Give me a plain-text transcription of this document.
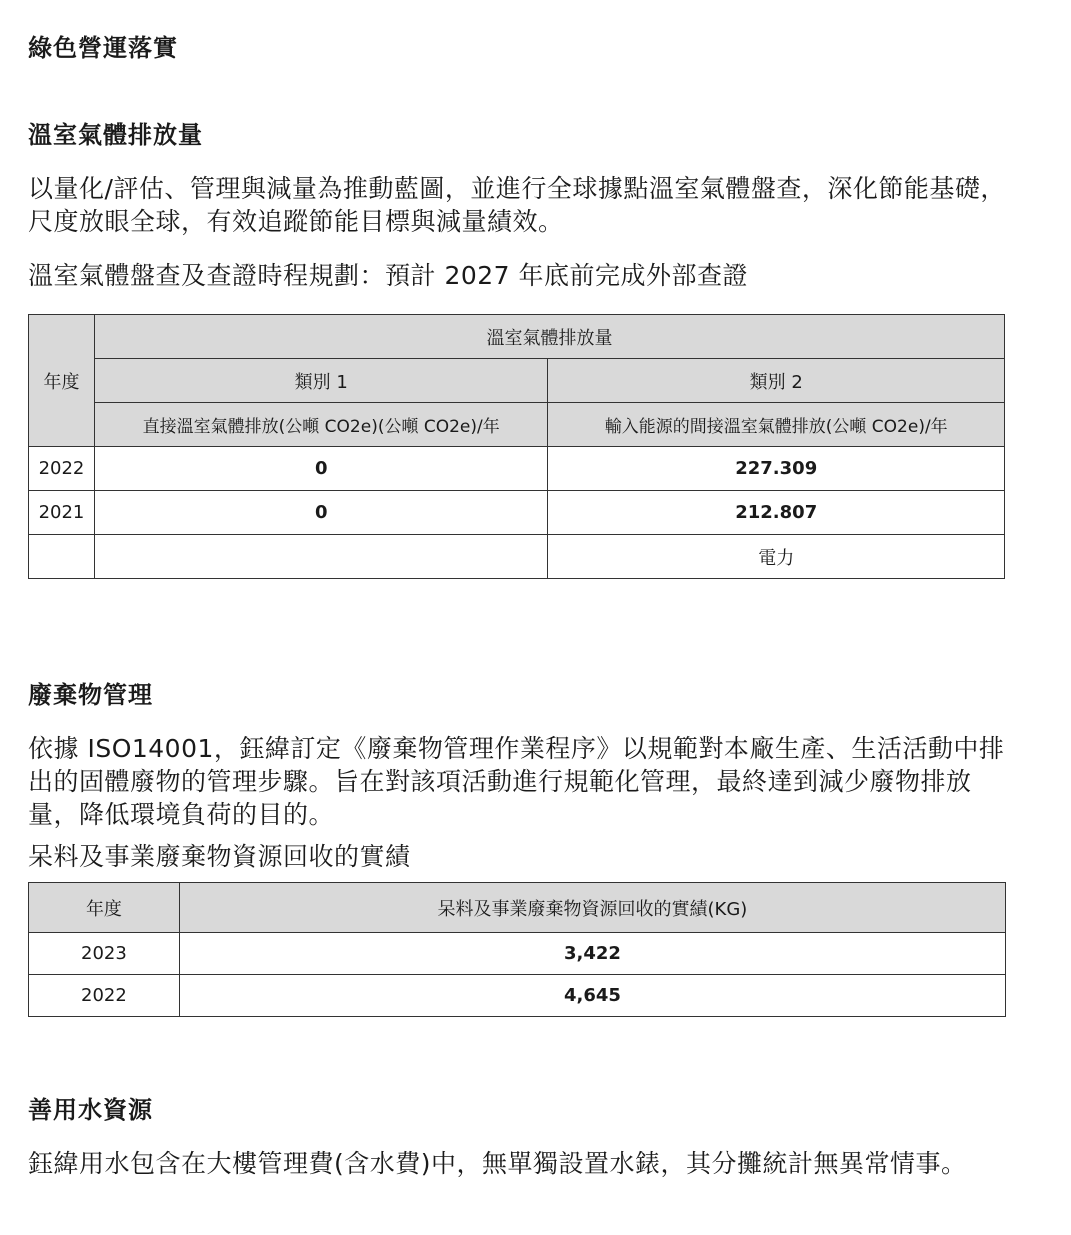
綠色營運落實
溫室氣體排放量

以量化/評估、管理與減量為推動藍圖，並進行全球據點溫室氣體盤查，深化節能基礎，尺度放眼全球，有效追蹤節能目標與減量績效。

溫室氣體盤查及查證時程規劃：預計 2027 年底前完成外部查證

年度	溫室氣體排放量	
	類別 1	類別 2
	直接溫室氣體排放(公噸 CO2e)(公噸 CO2e)/年	輸入能源的間接溫室氣體排放(公噸 CO2e)/年
2022	0	227.309
2021	0	212.807
		電力
廢棄物管理

依據 ISO14001，鈺緯訂定《廢棄物管理作業程序》以規範對本廠生產、生活活動中排出的固體廢物的管理步驟。旨在對該項活動進行規範化管理，最終達到減少廢物排放量，降低環境負荷的目的。

呆料及事業廢棄物資源回收的實績

年度	呆料及事業廢棄物資源回收的實績(KG)
2023	3,422
2022	4,645
善用水資源

鈺緯用水包含在大樓管理費(含水費)中，無單獨設置水錶，其分攤統計無異常情事。
